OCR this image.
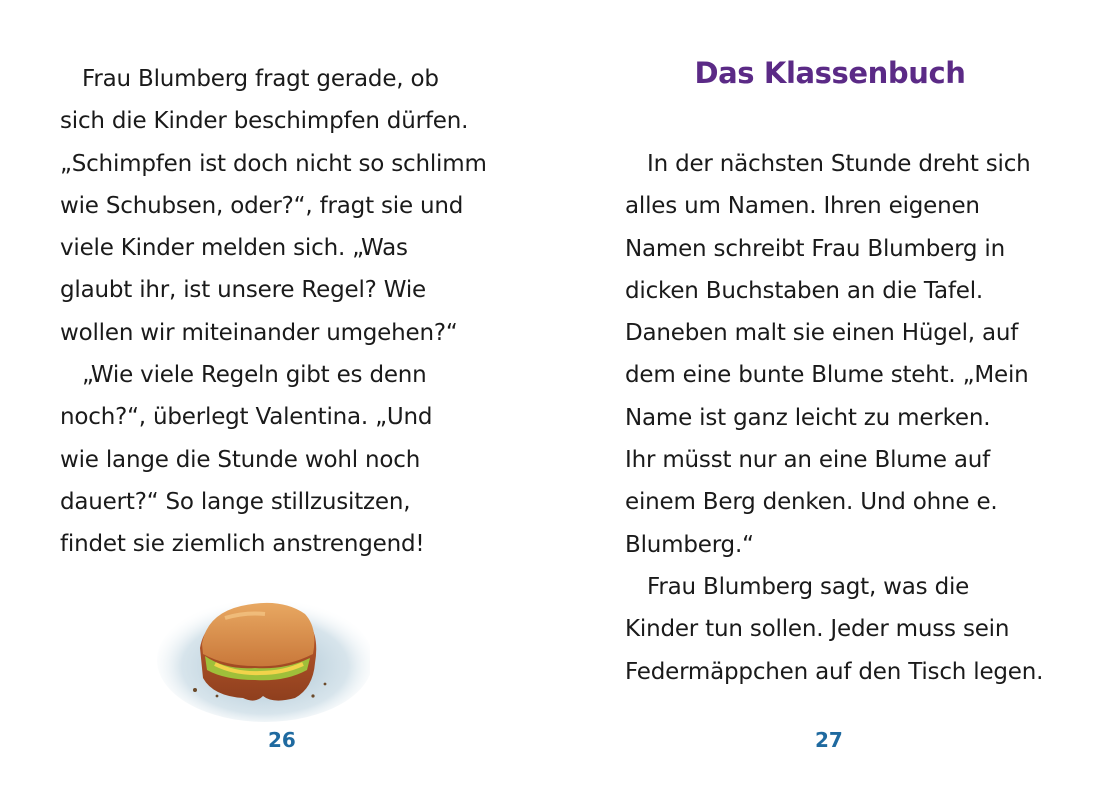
Frau Blumberg fragt gerade, ob
sich die Kinder beschimpfen dürfen.
„Schimpfen ist doch nicht so schlimm
wie Schubsen, oder?“, fragt sie und
viele Kinder melden sich. „Was
glaubt ihr, ist unsere Regel? Wie
wollen wir miteinander umgehen?“
„Wie viele Regeln gibt es denn
noch?“, überlegt Valentina. „Und
wie lange die Stunde wohl noch
dauert?“ So lange stillzusitzen,
findet sie ziemlich anstrengend!
26
Das Klassenbuch
In der nächsten Stunde dreht sich
alles um Namen. Ihren eigenen
Namen schreibt Frau Blumberg in
dicken Buchstaben an die Tafel.
Daneben malt sie einen Hügel, auf
dem eine bunte Blume steht. „Mein
Name ist ganz leicht zu merken.
Ihr müsst nur an eine Blume auf
einem Berg denken. Und ohne e.
Blumberg.“
Frau Blumberg sagt, was die
Kinder tun sollen. Jeder muss sein
Federmäppchen auf den Tisch legen.
27
